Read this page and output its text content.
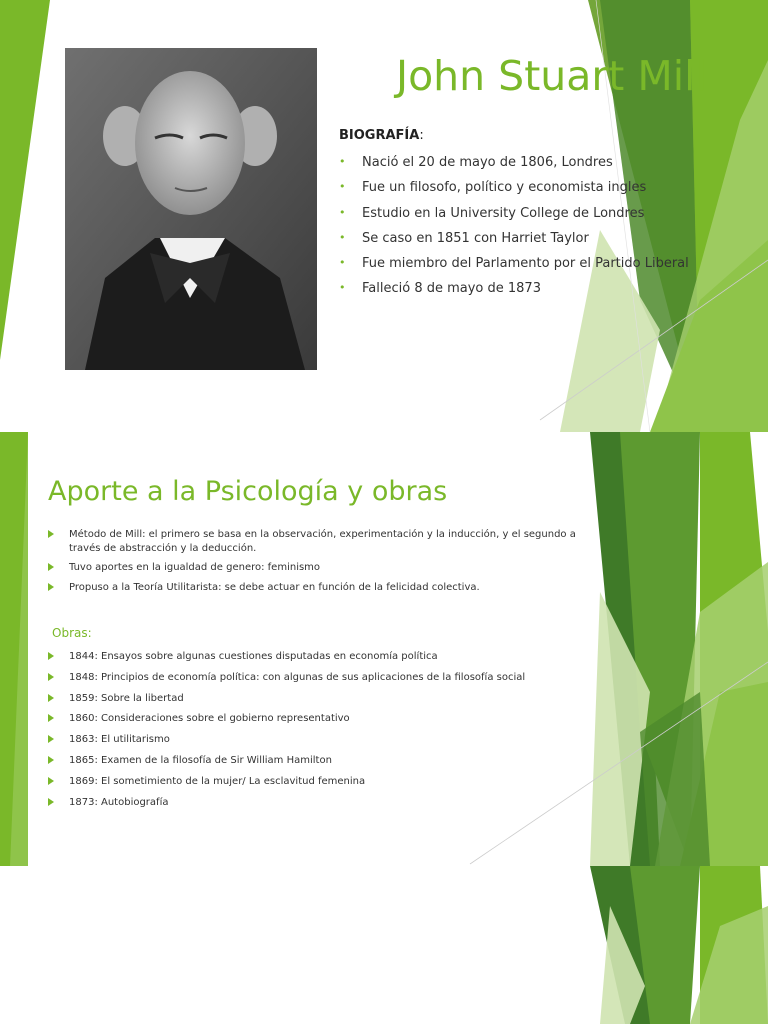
John Stuart Mill
BIOGRAFÍA:
• Nació el 20 de mayo de 1806, Londres
• Fue un filosofo, político y economista ingles
• Estudio en la University College de Londres
• Se caso en 1851 con Harriet Taylor
• Fue miembro del Parlamento por el Partido Liberal
• Falleció 8 de mayo de 1873
Aporte a la Psicología y obras
Método de Mill: el primero se basa en la observación, experimentación y la inducción, y el segundo a través de abstracción y la deducción.
Tuvo aportes en la igualdad de genero: feminismo
Propuso a la Teoría Utilitarista: se debe actuar en función de la felicidad colectiva.
Obras:
1844: Ensayos sobre algunas cuestiones disputadas en economía política
1848: Principios de economía política: con algunas de sus aplicaciones de la filosofía social
1859: Sobre la libertad
1860: Consideraciones sobre el gobierno representativo
1863: El utilitarismo
1865: Examen de la filosofía de Sir William Hamilton
1869: El sometimiento de la mujer/ La esclavitud femenina
1873: Autobiografía
